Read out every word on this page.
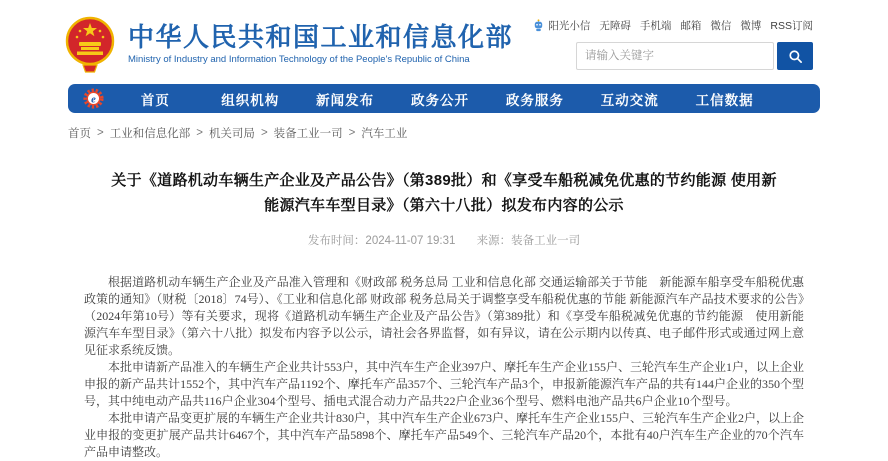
中华人民共和国工业和信息化部
Ministry of Industry and Information Technology of the People's Republic of China
阳光小信 无障碍 手机端 邮箱 微信 微博 RSS订阅
请输入关键字
e	首页	组织机构	新闻发布	政务公开	政务服务	互动交流	工信数据
首页 > 工业和信息化部 > 机关司局 > 装备工业一司 > 汽车工业
关于《道路机动车辆生产企业及产品公告》（第389批）和《享受车船税减免优惠的节约能源 使用新能源汽车车型目录》（第六十八批）拟发布内容的公示
发布时间：2024-11-07 19:31 来源：装备工业一司

根据道路机动车辆生产企业及产品准入管理和《财政部 税务总局 工业和信息化部 交通运输部关于节能　新能源车船享受车船税优惠政策的通知》（财税〔2018〕74号）、《工业和信息化部 财政部 税务总局关于调整享受车船税优惠的节能 新能源汽车产品技术要求的公告》（2024年第10号）等有关要求，现将《道路机动车辆生产企业及产品公告》（第389批）和《享受车船税减免优惠的节约能源　使用新能源汽车车型目录》（第六十八批）拟发布内容予以公示，请社会各界监督，如有异议，请在公示期内以传真、电子邮件形式或通过网上意见征求系统反馈。

本批申请新产品准入的车辆生产企业共计553户，其中汽车生产企业397户、摩托车生产企业155户、三轮汽车生产企业1户，以上企业申报的新产品共计1552个，其中汽车产品1192个、摩托车产品357个、三轮汽车产品3个，申报新能源汽车产品的共有144户企业的350个型号，其中纯电动产品共116户企业304个型号、插电式混合动力产品共22户企业36个型号、燃料电池产品共6户企业10个型号。

本批申请产品变更扩展的车辆生产企业共计830户，其中汽车生产企业673户、摩托车生产企业155户、三轮汽车生产企业2户，以上企业申报的变更扩展产品共计6467个，其中汽车产品5898个、摩托车产品549个、三轮汽车产品20个，本批有40户汽车生产企业的70个汽车产品申请整改。
